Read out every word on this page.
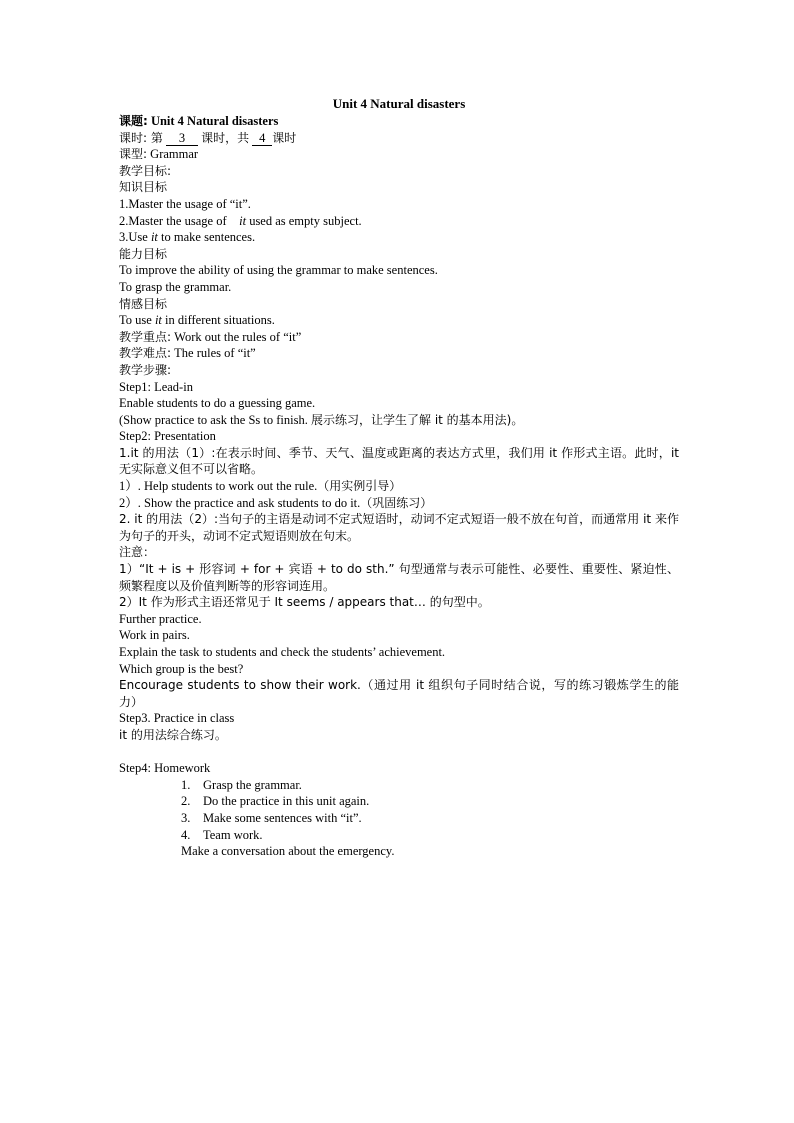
Unit 4 Natural disasters
课题: Unit 4 Natural disasters
课时: 第 3 课时，共 4 课时
课型: Grammar
教学目标:
知识目标
1.Master the usage of “it”.
2.Master the usage of    it used as empty subject.
3.Use it to make sentences.
能力目标
To improve the ability of using the grammar to make sentences.
To grasp the grammar.
情感目标
To use it in different situations.
教学重点: Work out the rules of “it”
教学难点: The rules of “it”
教学步骤:
Step1: Lead-in
Enable students to do a guessing game.
(Show practice to ask the Ss to finish. 展示练习，让学生了解 it 的基本用法)。
Step2: Presentation
1.it 的用法（1）:在表示时间、季节、天气、温度或距离的表达方式里，我们用 it 作形式主语。此时，it 无实际意义但不可以省略。
1）. Help students to work out the rule.（用实例引导）
2）. Show the practice and ask students to do it.（巩固练习）
2. it 的用法（2）:当句子的主语是动词不定式短语时，动词不定式短语一般不放在句首，而通常用 it 来作为句子的开头，动词不定式短语则放在句末。
注意：
1）“It + is + 形容词 + for + 宾语 + to do sth.” 句型通常与表示可能性、必要性、重要性、紧迫性、频繁程度以及价值判断等的形容词连用。
2）It 作为形式主语还常见于 It seems / appears that… 的句型中。
Further practice.
Work in pairs.
Explain the task to students and check the students’ achievement.
Which group is the best?
Encourage students to show their work.（通过用 it 组织句子同时结合说，写的练习锻炼学生的能力）
Step3. Practice in class
it 的用法综合练习。
Step4: Homework
1. Grasp the grammar.
2. Do the practice in this unit again.
3. Make some sentences with “it”.
4. Team work.
Make a conversation about the emergency.
